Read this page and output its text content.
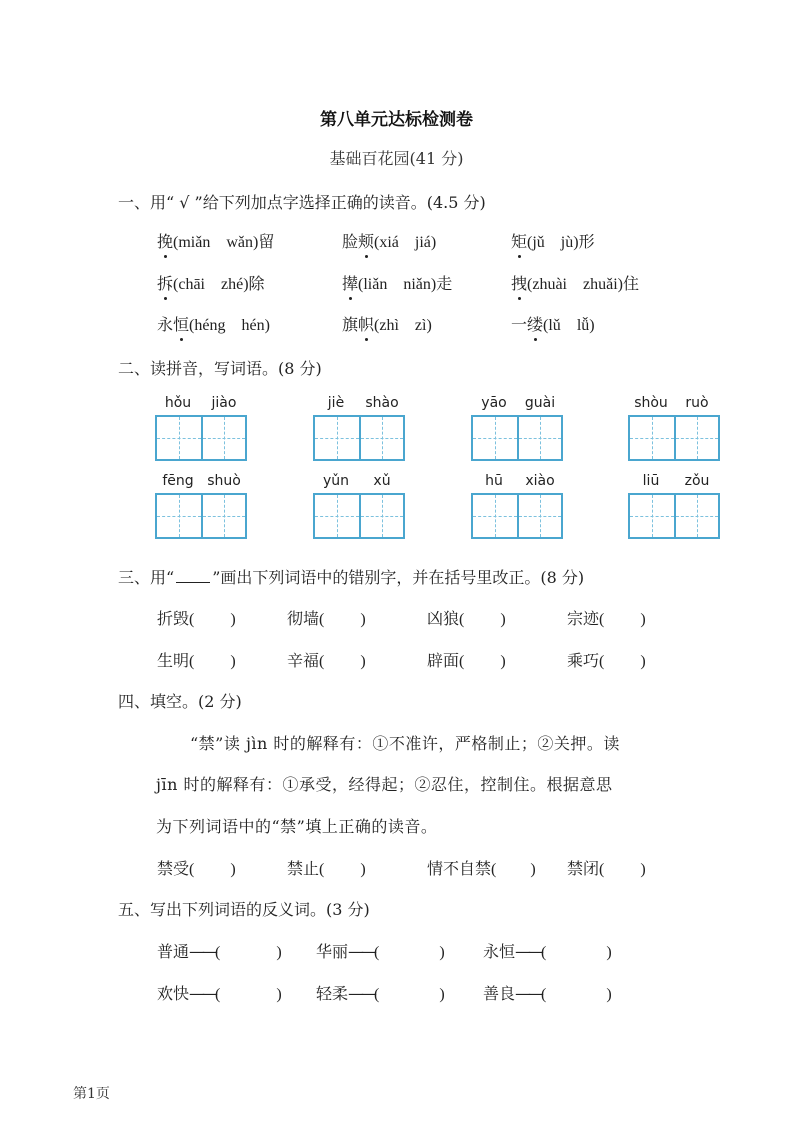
第八单元达标检测卷
基础百花园(41 分)
一、用“ √ ”给下列加点字选择正确的读音。(4.5 分)
挽(miǎn wǎn)留	脸颊(xiá jiá)	矩(jǔ jù)形
拆(chāi zhé)除	撵(liǎn niǎn)走	拽(zhuài zhuǎi)住
永恒(héng hén)	旗帜(zhì zì)	一缕(lǔ lǚ)
二、读拼音，写词语。(8 分)
hǒu	jiào	jiè	shào	yāo	guài	shòu	ruò
fēng shuò	yǔn	xǔ	hū	xiào	liū	zǒu
三、用“ ”画出下列词语中的错别字，并在括号里改正。(8 分)
折毁( )	彻墙( )	凶狼( )	宗迹( )
生明( )	辛福( )	辟面( )	乘巧( )
四、填空。(2 分)
“禁”读 jìn 时的解释有：①不准许，严格制止；②关押。读
jīn 时的解释有：①承受，经得起；②忍住，控制住。根据意思
为下列词语中的“禁”填上正确的读音。
禁受( )	禁止( )	情不自禁( ) 禁闭( )
五、写出下列词语的反义词。(3 分)
普通——(	) 华丽——(	) 永恒——(	)
欢快——(	) 轻柔——(	) 善良——(	)
第1页
